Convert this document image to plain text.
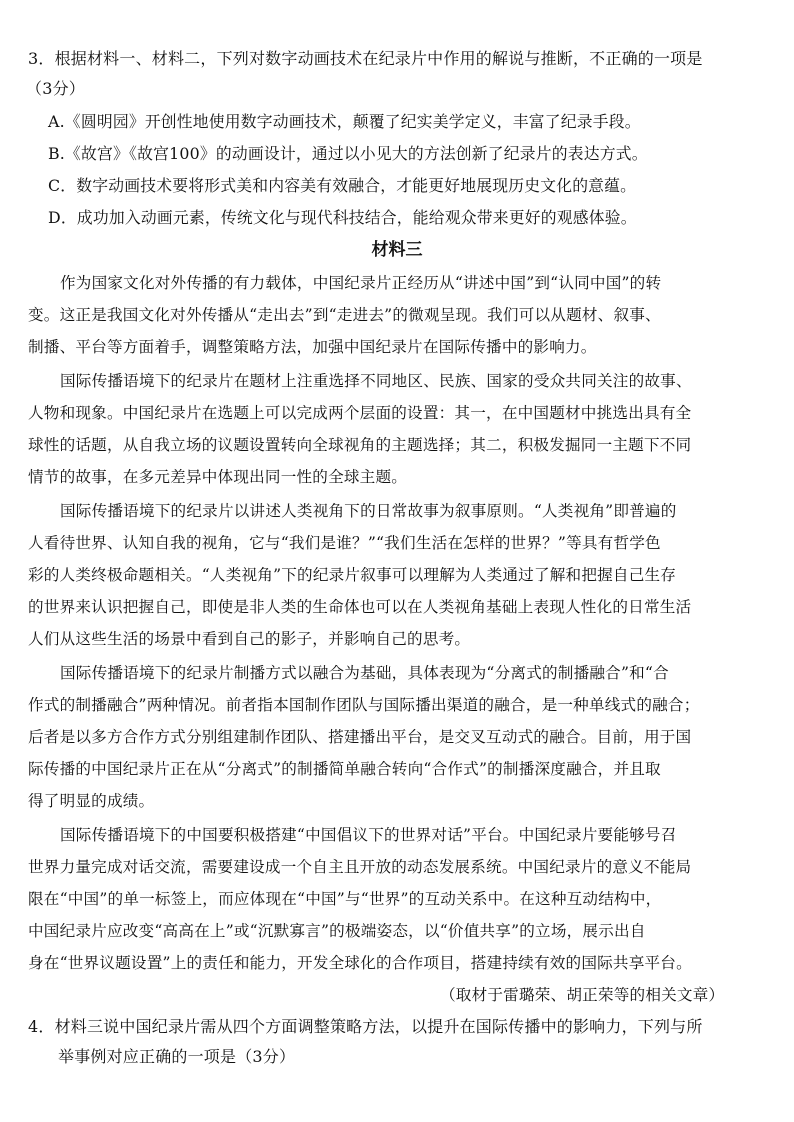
3．根据材料一、材料二，下列对数字动画技术在纪录片中作用的解说与推断，不正确的一项是
（3分）
A.《圆明园》开创性地使用数字动画技术，颠覆了纪实美学定义，丰富了纪录手段。
B.《故宫》《故宫100》的动画设计，通过以小见大的方法创新了纪录片的表达方式。
C．数字动画技术要将形式美和内容美有效融合，才能更好地展现历史文化的意蕴。
D．成功加入动画元素，传统文化与现代科技结合，能给观众带来更好的观感体验。
材料三
作为国家文化对外传播的有力载体，中国纪录片正经历从“讲述中国”到“认同中国”的转
变。这正是我国文化对外传播从“走出去”到“走进去”的微观呈现。我们可以从题材、叙事、
制播、平台等方面着手，调整策略方法，加强中国纪录片在国际传播中的影响力。
国际传播语境下的纪录片在题材上注重选择不同地区、民族、国家的受众共同关注的故事、
人物和现象。中国纪录片在选题上可以完成两个层面的设置：其一，在中国题材中挑选出具有全
球性的话题，从自我立场的议题设置转向全球视角的主题选择；其二，积极发掘同一主题下不同
情节的故事，在多元差异中体现出同一性的全球主题。
国际传播语境下的纪录片以讲述人类视角下的日常故事为叙事原则。“人类视角”即普遍的
人看待世界、认知自我的视角，它与“我们是谁？”“我们生活在怎样的世界？”等具有哲学色
彩的人类终极命题相关。“人类视角”下的纪录片叙事可以理解为人类通过了解和把握自己生存
的世界来认识把握自己，即使是非人类的生命体也可以在人类视角基础上表现人性化的日常生活
人们从这些生活的场景中看到自己的影子，并影响自己的思考。
国际传播语境下的纪录片制播方式以融合为基础，具体表现为“分离式的制播融合”和“合
作式的制播融合”两种情况。前者指本国制作团队与国际播出渠道的融合，是一种单线式的融合；
后者是以多方合作方式分别组建制作团队、搭建播出平台，是交叉互动式的融合。目前，用于国
际传播的中国纪录片正在从“分离式”的制播简单融合转向“合作式”的制播深度融合，并且取
得了明显的成绩。
国际传播语境下的中国要积极搭建“中国倡议下的世界对话”平台。中国纪录片要能够号召
世界力量完成对话交流，需要建设成一个自主且开放的动态发展系统。中国纪录片的意义不能局
限在“中国”的单一标签上，而应体现在“中国”与“世界”的互动关系中。在这种互动结构中，
中国纪录片应改变“高高在上”或“沉默寡言”的极端姿态，以“价值共享”的立场，展示出自
身在“世界议题设置”上的责任和能力，开发全球化的合作项目，搭建持续有效的国际共享平台。
（取材于雷璐荣、胡正荣等的相关文章）
4．材料三说中国纪录片需从四个方面调整策略方法，以提升在国际传播中的影响力，下列与所
举事例对应正确的一项是（3分）
